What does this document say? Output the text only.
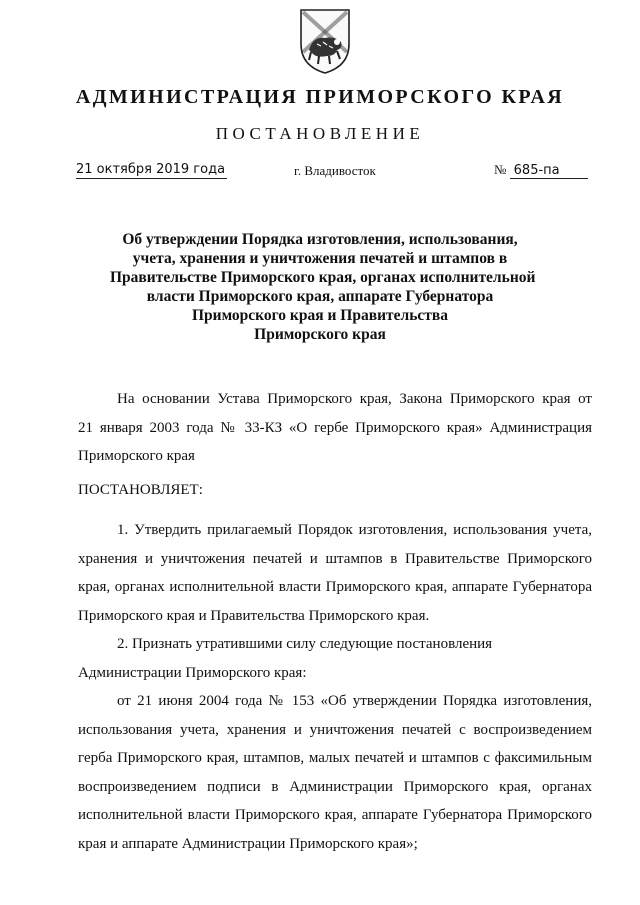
АДМИНИСТРАЦИЯ ПРИМОРСКОГО КРАЯ
ПОСТАНОВЛЕНИЕ
21 октября 2019 года	г. Владивосток	№ 685-па
Об утверждении Порядка изготовления, использования,
учета, хранения и уничтожения печатей и штампов в
Правительстве Приморского края, органах исполнительной
власти Приморского края, аппарате Губернатора
Приморского края и Правительства
Приморского края
На основании Устава Приморского края, Закона Приморского края от
21 января 2003 года № 33-КЗ «О гербе Приморского края» Администрация
Приморского края
ПОСТАНОВЛЯЕТ:
1. Утвердить прилагаемый Порядок изготовления, использования учета,
хранения и уничтожения печатей и штампов в Правительстве Приморского
края, органах исполнительной власти Приморского края, аппарате Губернатора
Приморского края и Правительства Приморского края.
2. Признать утратившими силу следующие постановления
Администрации Приморского края:
от 21 июня 2004 года № 153 «Об утверждении Порядка изготовления,
использования учета, хранения и уничтожения печатей с воспроизведением
герба Приморского края, штампов, малых печатей и штампов с факсимильным
воспроизведением подписи в Администрации Приморского края, органах
исполнительной власти Приморского края, аппарате Губернатора Приморского
края и аппарате Администрации Приморского края»;
